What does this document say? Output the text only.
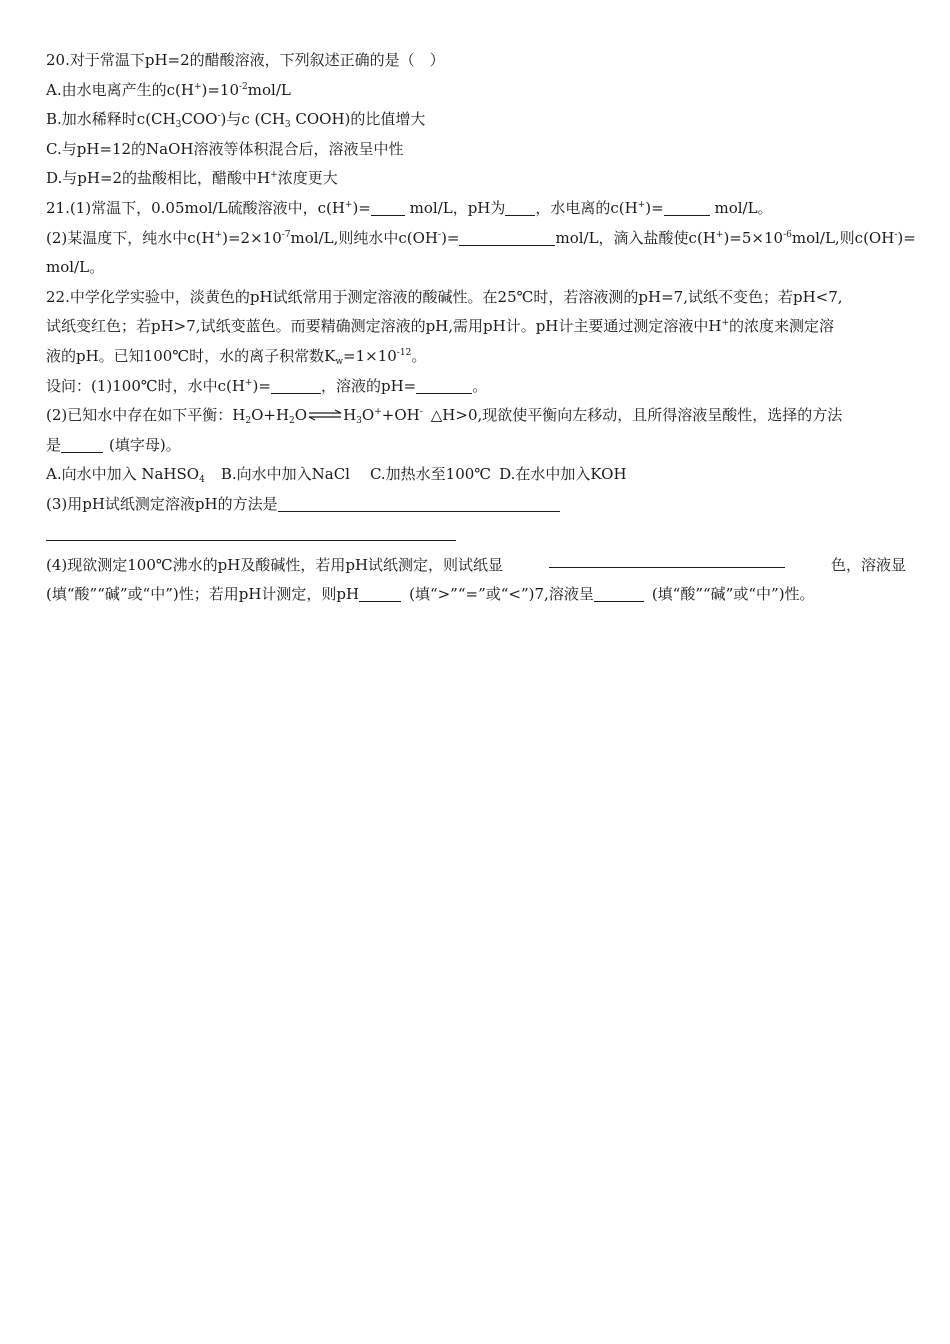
20.对于常温下pH=2的醋酸溶液，下列叙述正确的是（　）
A.由水电离产生的$c(H^+)=10^{-2}mol/L$
B.加水稀释时$c(CH_3COO^-)$与c ($CH_3$ COOH)的比值增大
C.与pH=12的NaOH溶液等体积混合后，溶液呈中性
D.与pH=2的盐酸相比，醋酸中H+浓度更大
21.(1)常温下，0.05mol/L硫酸溶液中，c(H+)= mol/L，pH为 ，水电离的c(H+)=	mol/L。
(2)某温度下，纯水中$c(H^+)=2\times 10^{-7}mol/L$,则纯水中c(OH-)=	mol/L，滴入盐酸使$c(H^+)=5\times 10^{-6}mol/L$,则c(OH-)=
mol/L。
22.中学化学实验中，淡黄色的pH试纸常用于测定溶液的酸碱性。在25℃时，若溶液测的pH=7,试纸不变色；若pH<7,
试纸变红色；若pH>7,试纸变蓝色。而要精确测定溶液的pH,需用pH计。pH计主要通过测定溶液中H+的浓度来测定溶
液的pH。已知100℃时，水的离子积常数$K_w=1\times 10^{-12}$。
设问：(1)100℃时，水中c(H+)=	，溶液的pH=	。
(2)已知水中存在如下平衡：$H_2O+H_2O\rightleftharpoons H_3O^++OH^-$ △H>0,现欲使平衡向左移动，且所得溶液呈酸性，选择的方法
是	(填字母)。
A.向水中加入 NaHSO$_4$ B.向水中加入NaCl C.加热水至100℃ D.在水中加入KOH
(3)用pH试纸测定溶液pH的方法是
(4)现欲测定100℃沸水的pH及酸碱性，若用pH试纸测定，则试纸显	色，溶液显
(填“酸”“碱”或“中”)性；若用pH计测定，则pH	(填“>”“=”或“<”)7,溶液呈	(填“酸”“碱”或“中”)性。
